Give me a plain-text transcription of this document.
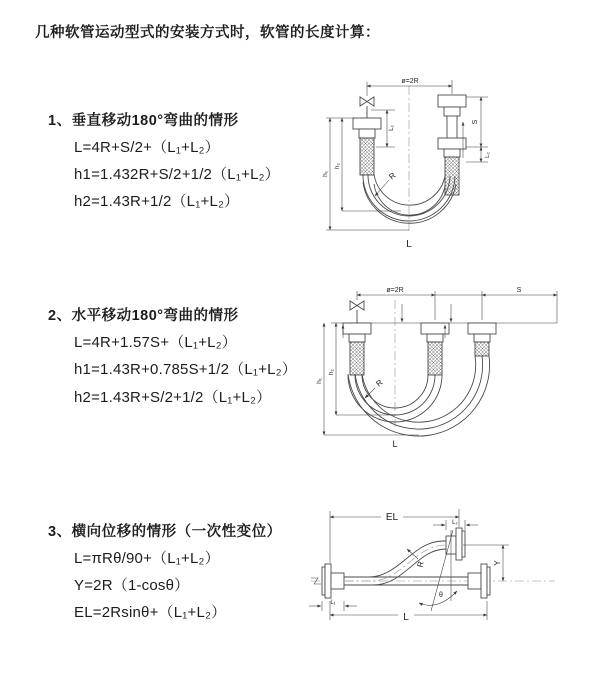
几种软管运动型式的安装方式时，软管的长度计算：
1、垂直移动180°弯曲的情形
L=4R+S/2+（L₁+L₂）
h1=1.432R+S/2+1/2（L₁+L₂）
h2=1.43R+1/2（L₁+L₂）
2、水平移动180°弯曲的情形
L=4R+1.57S+（L₁+L₂）
h1=1.43R+0.785S+1/2（L₁+L₂）
h2=1.43R+S/2+1/2（L₁+L₂）
3、横向位移的情形（一次性变位）
L=πRθ/90+（L₁+L₂）
Y=2R（1-cosθ）
EL=2Rsinθ+（L₁+L₂）
ø=2R
L₁
h₁
h₂
S
L₂
R
L
ø=2R	S
h₁
h₂
R
L
θ
EL	L₂
Y
R
L
L₁
